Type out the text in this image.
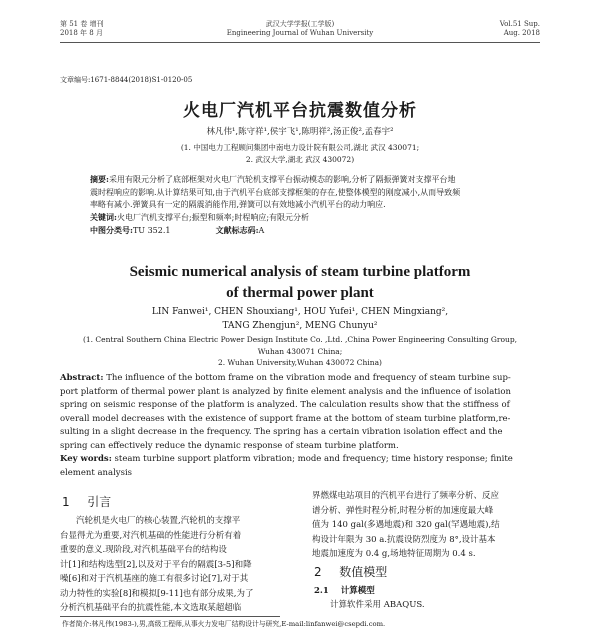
第 51 卷 增刊
2018 年 8 月
武汉大学学报(工学版)
Engineering Journal of Wuhan University
Vol.51 Sup.
Aug. 2018
文章编号:1671-8844(2018)S1-0120-05
火电厂汽机平台抗震数值分析
林凡伟¹,陈守祥¹,侯宇飞¹,陈明祥²,汤正俊²,孟春宇²
(1. 中国电力工程顾问集团中南电力设计院有限公司,湖北 武汉 430071;
2. 武汉大学,湖北 武汉 430072)
摘要:采用有限元分析了底部框架对火电厂汽轮机支撑平台振动模态的影响,分析了隔振弹簧对支撑平台地
震时程响应的影响.从计算结果可知,由于汽机平台底部支撑框架的存在,使整体模型的刚度减小,从而导致频
率略有减小.弹簧具有一定的隔震消能作用,弹簧可以有效地减小汽机平台的动力响应.
关键词:火电厂汽机支撑平台;振型和频率;时程响应;有限元分析
中图分类号:TU 352.1	文献标志码:A
Seismic numerical analysis of steam turbine platform
of thermal power plant
LIN Fanwei¹, CHEN Shouxiang¹, HOU Yufei¹, CHEN Mingxiang²,
TANG Zhengjun², MENG Chunyu²
(1. Central Southern China Electric Power Design Institute Co. ,Ltd. ,China Power Engineering Consulting Group,
Wuhan 430071 China;
2. Wuhan University,Wuhan 430072 China)
Abstract: The influence of the bottom frame on the vibration mode and frequency of steam turbine sup-
port platform of thermal power plant is analyzed by finite element analysis and the influence of isolation
spring on seismic response of the platform is analyzed. The calculation results show that the stiffness of
overall model decreases with the existence of support frame at the bottom of steam turbine platform,re-
sulting in a slight decrease in the frequency. The spring has a certain vibration isolation effect and the
spring can effectively reduce the dynamic response of steam turbine platform.
Key words: steam turbine support platform vibration; mode and frequency; time history response; finite
element analysis
1 引言
汽轮机是火电厂的核心装置,汽轮机的支撑平
台显得尤为重要,对汽机基础的性能进行分析有着
重要的意义.现阶段,对汽机基础平台的结构设
计[1]和结构选型[2],以及对于平台的隔震[3-5]和降
噪[6]和对于汽机基座的施工有很多讨论[7],对于其
动力特性的实验[8]和模拟[9-11]也有部分成果,为了
分析汽机基础平台的抗震性能,本文选取某超超临
界燃煤电站项目的汽机平台进行了频率分析、反应
谱分析、弹性时程分析,时程分析的加速度最大峰
值为 140 gal(多遇地震)和 320 gal(罕遇地震),结
构设计年限为 30 a.抗震设防烈度为 8°,设计基本
地震加速度为 0.4 g,场地特征周期为 0.4 s.
2 数值模型
2.1 计算模型
计算软件采用 ABAQUS.
作者简介:林凡伟(1983-),男,高级工程师,从事火力发电厂结构设计与研究,E-mail:linfanwei@csepdi.com.
